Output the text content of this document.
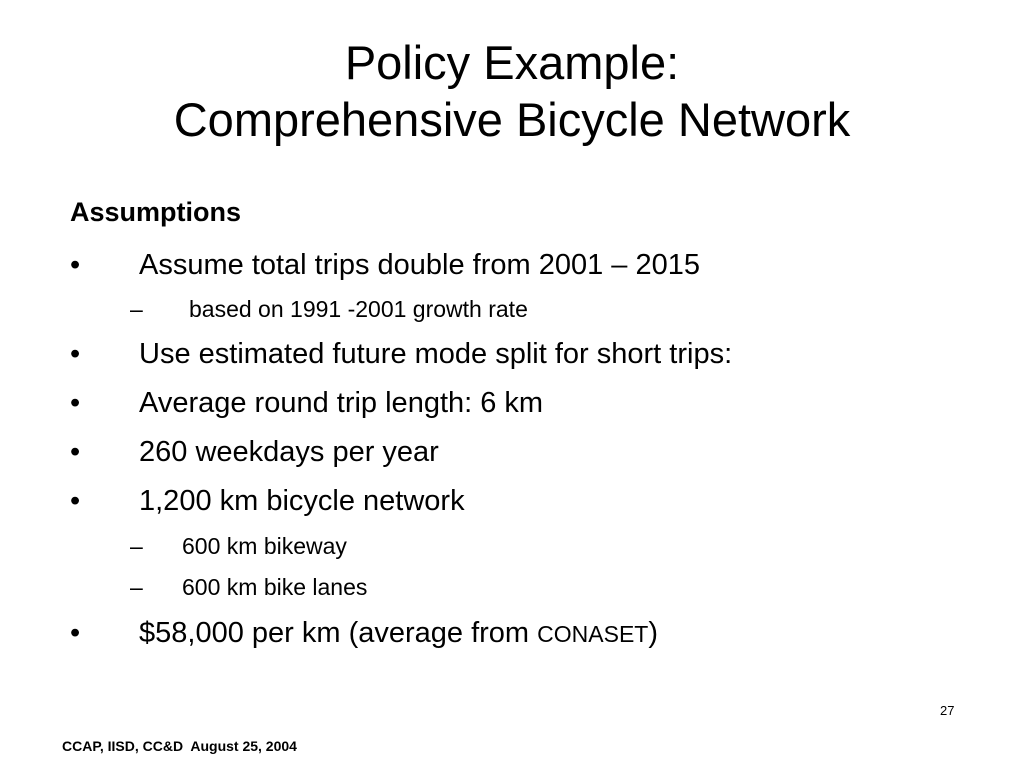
Policy Example:
Comprehensive Bicycle Network
Assumptions
• Assume total trips double from 2001 – 2015
– based on 1991 -2001 growth rate
• Use estimated future mode split for short trips:
• Average round trip length: 6 km
• 260 weekdays per year
• 1,200 km bicycle network
– 600 km bikeway
– 600 km bike lanes
• $58,000 per km (average from CONASET)
27
CCAP, IISD, CC&D  August 25, 2004
